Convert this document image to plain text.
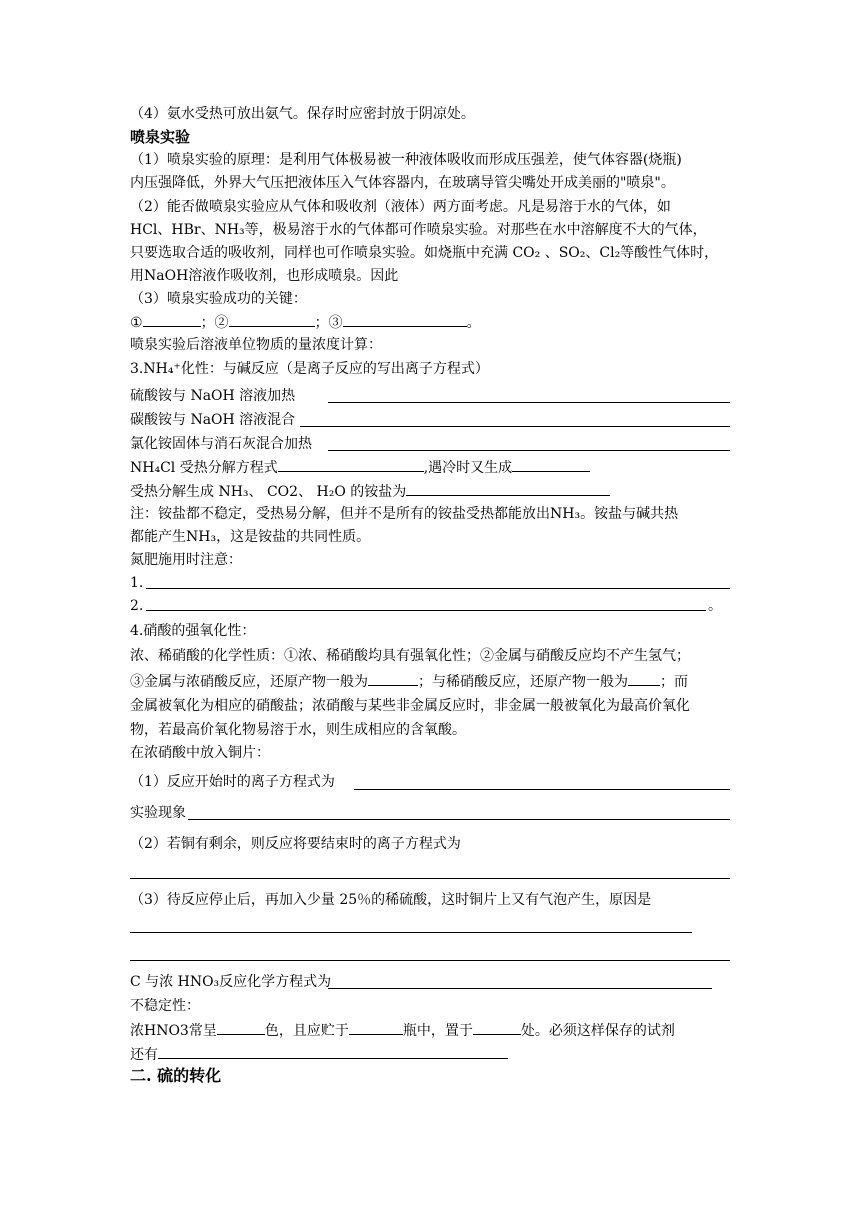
（4）氨水受热可放出氨气。保存时应密封放于阴凉处。
喷泉实验
（1）喷泉实验的原理：是利用气体极易被一种液体吸收而形成压强差，使气体容器(烧瓶)
内压强降低，外界大气压把液体压入气体容器内，在玻璃导管尖嘴处开成美丽的"喷泉"。
（2）能否做喷泉实验应从气体和吸收剂（液体）两方面考虑。凡是易溶于水的气体，如
HCl、HBr、NH₃等，极易溶于水的气体都可作喷泉实验。对那些在水中溶解度不大的气体，
只要选取合适的吸收剂，同样也可作喷泉实验。如烧瓶中充满 CO₂ 、SO₂、Cl₂等酸性气体时，
用NaOH溶液作吸收剂，也形成喷泉。因此
（3）喷泉实验成功的关键：
①	；②	；③	。
喷泉实验后溶液单位物质的量浓度计算：
3.NH₄⁺化性：与碱反应（是离子反应的写出离子方程式）
硫酸铵与 NaOH 溶液加热
碳酸铵与 NaOH 溶液混合
氯化铵固体与消石灰混合加热
NH₄Cl 受热分解方程式	,遇冷时又生成
受热分解生成 NH₃、 CO2、 H₂O 的铵盐为
注：铵盐都不稳定，受热易分解，但并不是所有的铵盐受热都能放出NH₃。铵盐与碱共热
都能产生NH₃，这是铵盐的共同性质。
氮肥施用时注意：
1.
2.	。
4.硝酸的强氧化性：
浓、稀硝酸的化学性质：①浓、稀硝酸均具有强氧化性；②金属与硝酸反应均不产生氢气；
③金属与浓硝酸反应，还原产物一般为	；与稀硝酸反应，还原产物一般为 ；而
金属被氧化为相应的硝酸盐；浓硝酸与某些非金属反应时，非金属一般被氧化为最高价氧化
物，若最高价氧化物易溶于水，则生成相应的含氧酸。
在浓硝酸中放入铜片：
（1）反应开始时的离子方程式为
实验现象
（2）若铜有剩余，则反应将要结束时的离子方程式为
（3）待反应停止后，再加入少量 25％的稀硫酸，这时铜片上又有气泡产生，原因是
C 与浓 HNO₃反应化学方程式为
不稳定性：
浓HNO3常呈	色，且应贮于	瓶中，置于	处。必须这样保存的试剂
还有
二. 硫的转化
